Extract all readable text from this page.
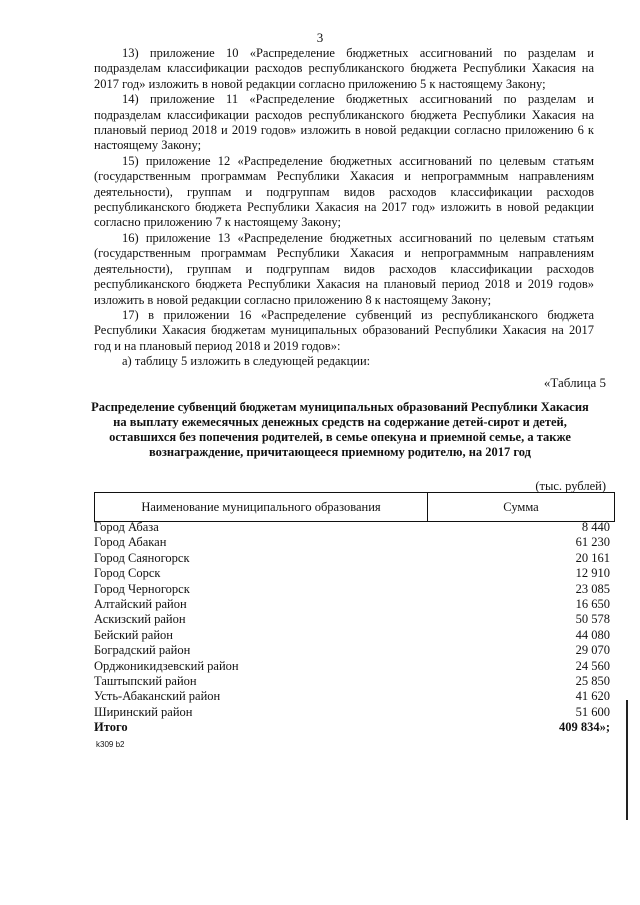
3

13) приложение 10 «Распределение бюджетных ассигнований по разделам и подразделам классификации расходов республиканского бюджета Республики Хакасия на 2017 год» изложить в новой редакции согласно приложению 5 к настоящему Закону;

14) приложение 11 «Распределение бюджетных ассигнований по разделам и подразделам классификации расходов республиканского бюджета Республики Хакасия на плановый период 2018 и 2019 годов» изложить в новой редакции согласно приложению 6 к настоящему Закону;

15) приложение 12 «Распределение бюджетных ассигнований по целевым статьям (государственным программам Республики Хакасия и непрограммным направлениям деятельности), группам и подгруппам видов расходов классификации расходов республиканского бюджета Республики Хакасия на 2017 год» изложить в новой редакции согласно приложению 7 к настоящему Закону;

16) приложение 13 «Распределение бюджетных ассигнований по целевым статьям (государственным программам Республики Хакасия и непрограммным направлениям деятельности), группам и подгруппам видов расходов классификации расходов республиканского бюджета Республики Хакасия на плановый период 2018 и 2019 годов» изложить в новой редакции согласно приложению 8 к настоящему Закону;

17) в приложении 16 «Распределение субвенций из республиканского бюджета Республики Хакасия бюджетам муниципальных образований Республики Хакасия на 2017 год и на плановый период 2018 и 2019 годов»:

а) таблицу 5 изложить в следующей редакции:

«Таблица 5
Распределение субвенций бюджетам муниципальных образований Республики Хакасия на выплату ежемесячных денежных средств на содержание детей-сирот и детей, оставшихся без попечения родителей, в семье опекуна и приемной семье, а также вознаграждение, причитающееся приемному родителю, на 2017 год
(тыс. рублей)
Наименование муниципального образования	Сумма
Город Абаза	8 440
Город Абакан	61 230
Город Саяногорск	20 161
Город Сорск	12 910
Город Черногорск	23 085
Алтайский район	16 650
Аскизский район	50 578
Бейский район	44 080
Боградский район	29 070
Орджоникидзевский район	24 560
Таштыпский район	25 850
Усть-Абаканский район	41 620
Ширинский район	51 600
Итого	409 834»;
k309 b2
